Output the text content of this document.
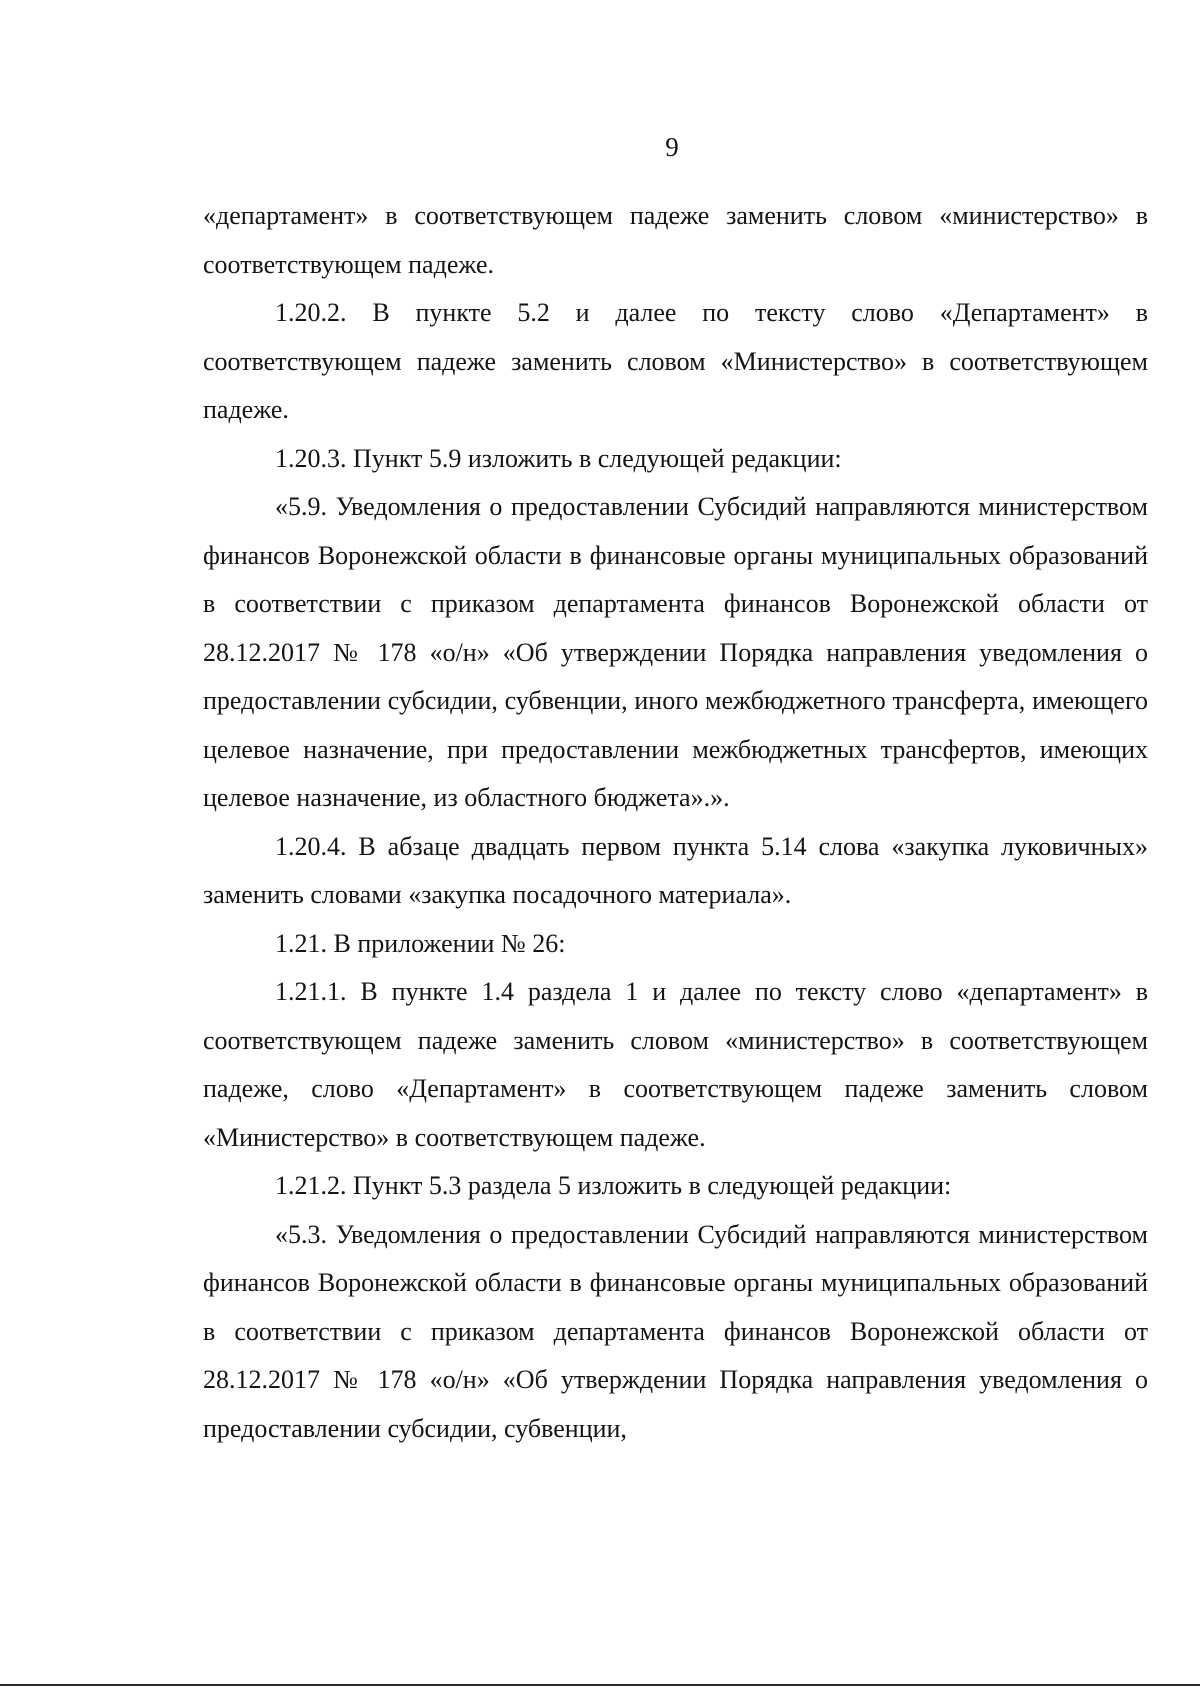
9

«департамент» в соответствующем падеже заменить словом «министерство» в соответствующем падеже.

1.20.2. В пункте 5.2 и далее по тексту слово «Департамент» в соответствующем падеже заменить словом «Министерство» в соответствующем падеже.

1.20.3. Пункт 5.9 изложить в следующей редакции:

«5.9. Уведомления о предоставлении Субсидий направляются министерством финансов Воронежской области в финансовые органы муниципальных образований в соответствии с приказом департамента финансов Воронежской области от 28.12.2017 № 178 «о/н» «Об утверждении Порядка направления уведомления о предоставлении субсидии, субвенции, иного межбюджетного трансферта, имеющего целевое назначение, при предоставлении межбюджетных трансфертов, имеющих целевое назначение, из областного бюджета».».

1.20.4. В абзаце двадцать первом пункта 5.14 слова «закупка луковичных» заменить словами «закупка посадочного материала».

1.21. В приложении № 26:

1.21.1. В пункте 1.4 раздела 1 и далее по тексту слово «департамент» в соответствующем падеже заменить словом «министерство» в соответствующем падеже, слово «Департамент» в соответствующем падеже заменить словом «Министерство» в соответствующем падеже.

1.21.2. Пункт 5.3 раздела 5 изложить в следующей редакции:

«5.3. Уведомления о предоставлении Субсидий направляются министерством финансов Воронежской области в финансовые органы муниципальных образований в соответствии с приказом департамента финансов Воронежской области от 28.12.2017 № 178 «о/н» «Об утверждении Порядка направления уведомления о предоставлении субсидии, субвенции,
